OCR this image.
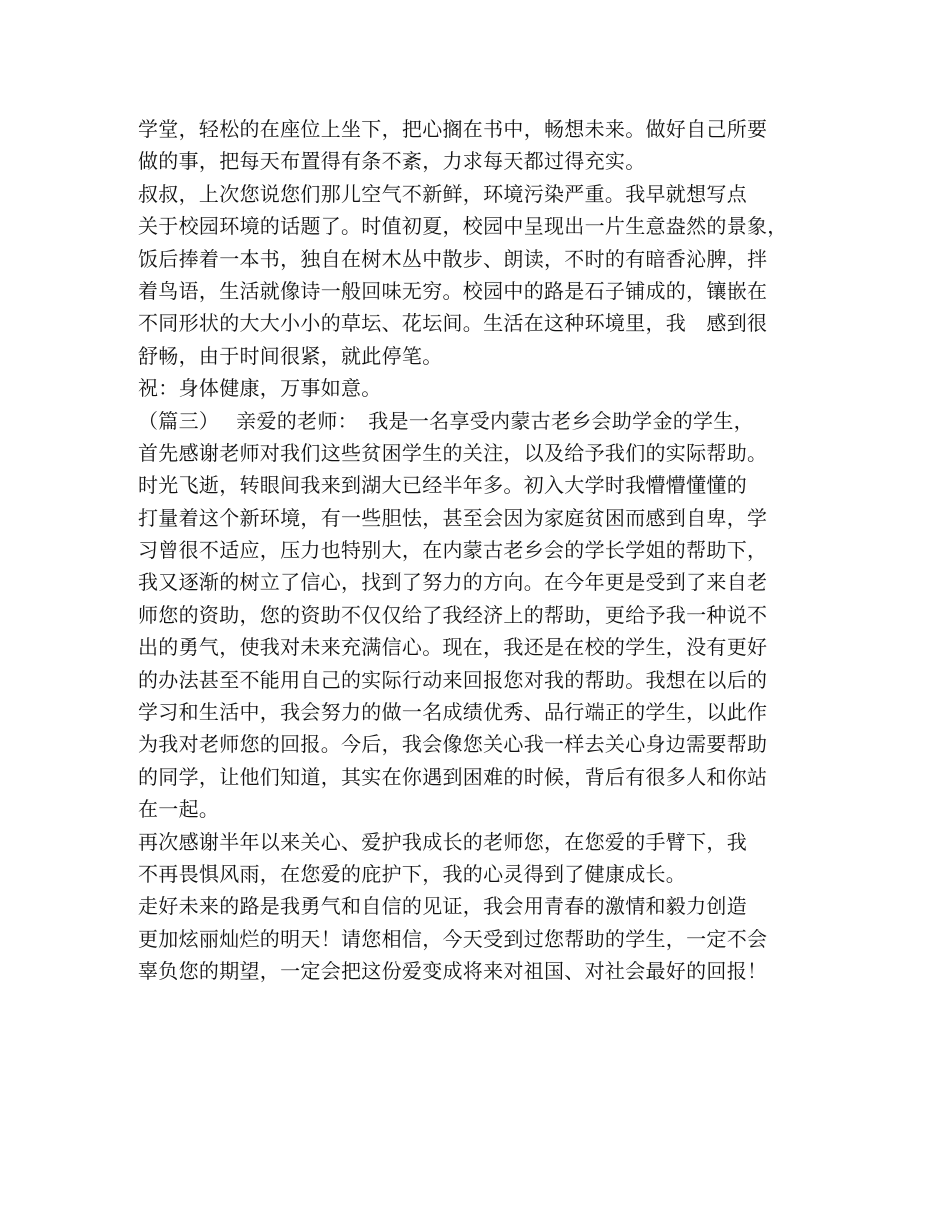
学堂，轻松的在座位上坐下，把心搁在书中，畅想未来。做好自己所要
做的事，把每天布置得有条不紊，力求每天都过得充实。
叔叔，上次您说您们那儿空气不新鲜，环境污染严重。我早就想写点
关于校园环境的话题了。时值初夏，校园中呈现出一片生意盎然的景象，
饭后捧着一本书，独自在树木丛中散步、朗读，不时的有暗香沁脾，拌
着鸟语，生活就像诗一般回味无穷。校园中的路是石子铺成的，镶嵌在
不同形状的大大小小的草坛、花坛间。生活在这种环境里，我　感到很
舒畅，由于时间很紧，就此停笔。
祝：身体健康，万事如意。
（篇三）　 亲爱的老师：　我是一名享受内蒙古老乡会助学金的学生，
首先感谢老师对我们这些贫困学生的关注，以及给予我们的实际帮助。
时光飞逝，转眼间我来到湖大已经半年多。初入大学时我懵懵懂懂的
打量着这个新环境，有一些胆怯，甚至会因为家庭贫困而感到自卑，学
习曾很不适应，压力也特别大，在内蒙古老乡会的学长学姐的帮助下，
我又逐渐的树立了信心，找到了努力的方向。在今年更是受到了来自老
师您的资助，您的资助不仅仅给了我经济上的帮助，更给予我一种说不
出的勇气，使我对未来充满信心。现在，我还是在校的学生，没有更好
的办法甚至不能用自己的实际行动来回报您对我的帮助。我想在以后的
学习和生活中，我会努力的做一名成绩优秀、品行端正的学生，以此作
为我对老师您的回报。今后，我会像您关心我一样去关心身边需要帮助
的同学，让他们知道，其实在你遇到困难的时候，背后有很多人和你站
在一起。
再次感谢半年以来关心、爱护我成长的老师您，在您爱的手臂下，我
不再畏惧风雨，在您爱的庇护下，我的心灵得到了健康成长。
走好未来的路是我勇气和自信的见证，我会用青春的激情和毅力创造
更加炫丽灿烂的明天！请您相信，今天受到过您帮助的学生，一定不会
辜负您的期望，一定会把这份爱变成将来对祖国、对社会最好的回报！
